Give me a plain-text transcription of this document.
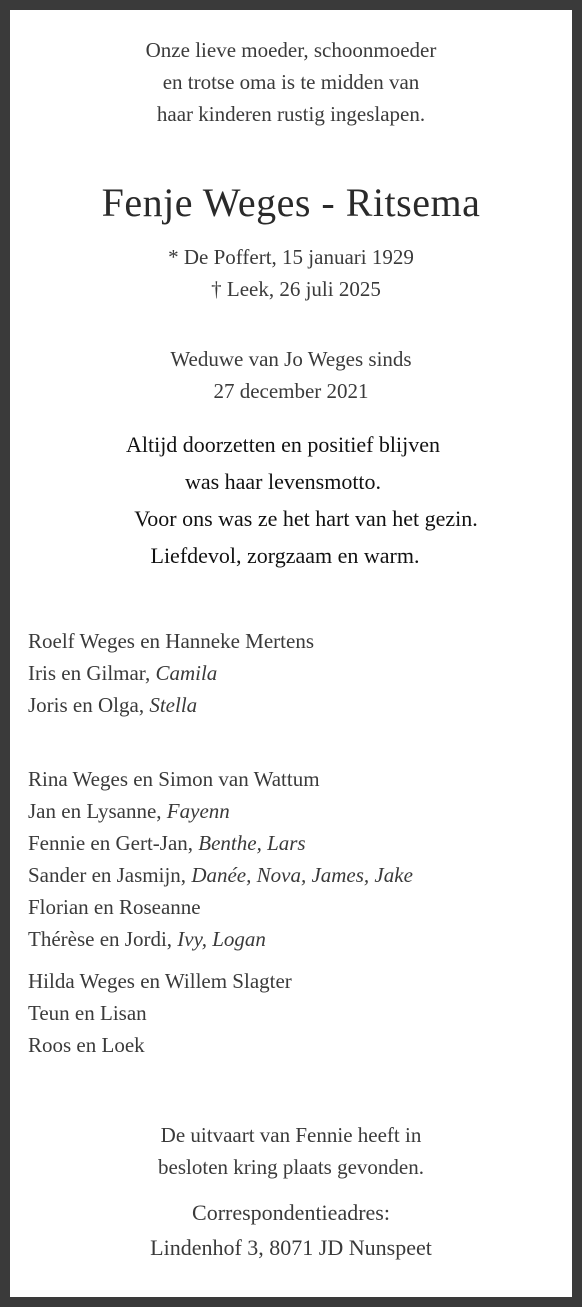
Onze lieve moeder, schoonmoeder
en trotse oma is te midden van
haar kinderen rustig ingeslapen.
Fenje Weges - Ritsema
* De Poffert, 15 januari 1929
† Leek, 26 juli 2025
Weduwe van Jo Weges sinds
27 december 2021
Altijd doorzetten en positief blijven
was haar levensmotto.
Voor ons was ze het hart van het gezin.
Liefdevol, zorgzaam en warm.
Roelf Weges en Hanneke Mertens
Iris en Gilmar, Camila
Joris en Olga, Stella
Rina Weges en Simon van Wattum
Jan en Lysanne, Fayenn
Fennie en Gert-Jan, Benthe, Lars
Sander en Jasmijn, Danée, Nova, James, Jake
Florian en Roseanne
Thérèse en Jordi, Ivy, Logan
Hilda Weges en Willem Slagter
Teun en Lisan
Roos en Loek
De uitvaart van Fennie heeft in
besloten kring plaats gevonden.
Correspondentieadres:
Lindenhof 3, 8071 JD Nunspeet
